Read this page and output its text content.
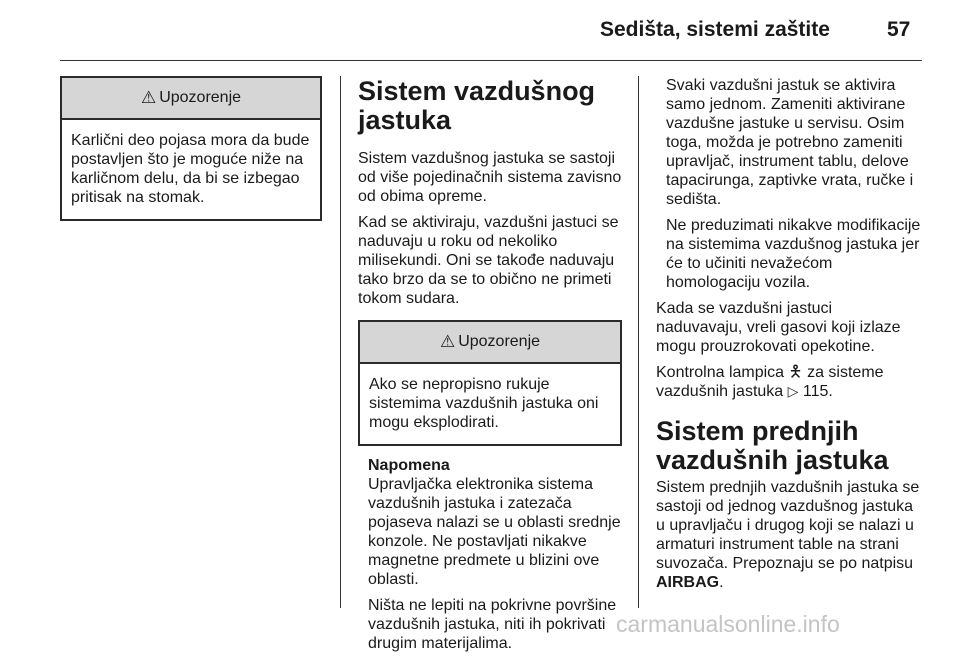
Sedišta, sistemi zaštite	57
⚠ Upozorenje
Karlični deo pojasa mora da bude postavljen što je moguće niže na karličnom delu, da bi se izbegao pritisak na stomak.
Sistem vazdušnog jastuka

Sistem vazdušnog jastuka se sastoji od više pojedinačnih sistema zavisno od obima opreme.

Kad se aktiviraju, vazdušni jastuci se naduvaju u roku od nekoliko milisekundi. Oni se takođe naduvaju tako brzo da se to obično ne primeti tokom sudara.

⚠ Upozorenje
Ako se nepropisno rukuje sistemima vazdušnih jastuka oni mogu eksplodirati.
Napomena

Upravljačka elektronika sistema vazdušnih jastuka i zatezača pojaseva nalazi se u oblasti srednje konzole. Ne postavljati nikakve magnetne predmete u blizini ove oblasti.

Ništa ne lepiti na pokrivne površine vazdušnih jastuka, niti ih pokrivati drugim materijalima.

Svaki vazdušni jastuk se aktivira samo jednom. Zameniti aktivirane vazdušne jastuke u servisu. Osim toga, možda je potrebno zameniti upravljač, instrument tablu, delove tapacirunga, zaptivke vrata, ručke i sedišta.

Ne preduzimati nikakve modifikacije na sistemima vazdušnog jastuka jer će to učiniti nevažećom homologaciju vozila.

Kada se vazdušni jastuci naduvavaju, vreli gasovi koji izlaze mogu prouzrokovati opekotine.

Kontrolna lampica 🯅 za sisteme vazdušnih jastuka ▷ 115.

Sistem prednjih vazdušnih jastuka

Sistem prednjih vazdušnih jastuka se sastoji od jednog vazdušnog jastuka u upravljaču i drugog koji se nalazi u armaturi instrument table na strani suvozača. Prepoznaju se po natpisu AIRBAG.

carmanualsonline.info
